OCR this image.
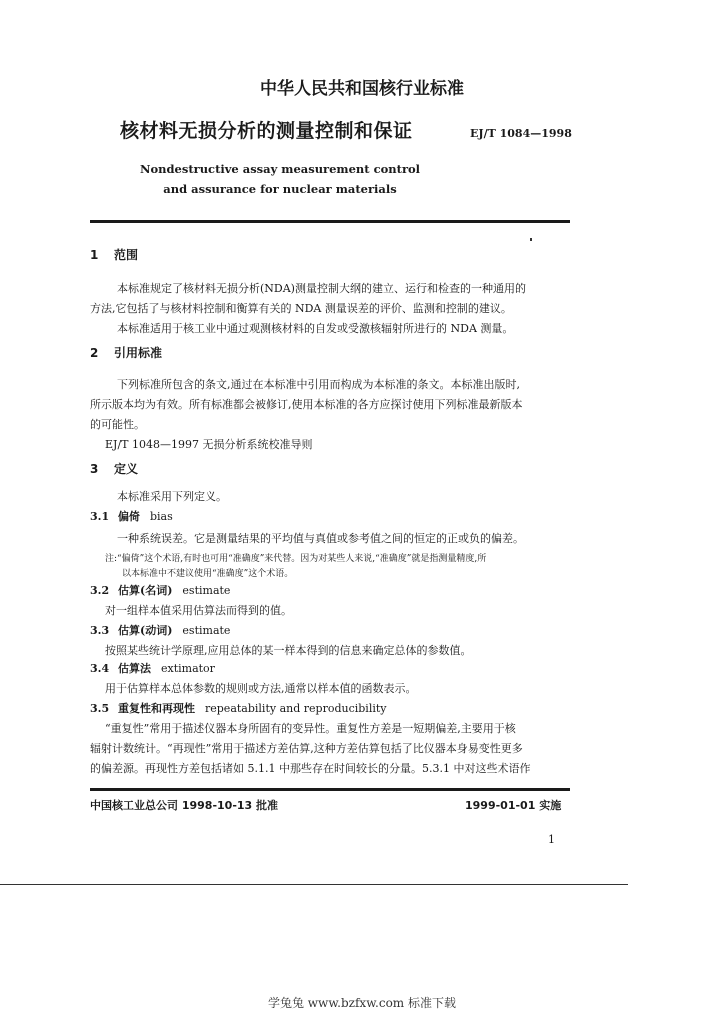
中华人民共和国核行业标准
核材料无损分析的测量控制和保证	EJ/T 1084—1998
Nondestructive assay measurement control
and assurance for nuclear materials
1 范围
本标准规定了核材料无损分析(NDA)测量控制大纲的建立、运行和检查的一种通用的
方法,它包括了与核材料控制和衡算有关的 NDA 测量误差的评价、监测和控制的建议。
本标准适用于核工业中通过观测核材料的自发或受激核辐射所进行的 NDA 测量。
2 引用标准
下列标准所包含的条文,通过在本标准中引用而构成为本标准的条文。本标准出版时,
所示版本均为有效。所有标准都会被修订,使用本标准的各方应探讨使用下列标准最新版本
的可能性。
EJ/T 1048—1997 无损分析系统校准导则
3 定义
本标准采用下列定义。
3.1 偏倚 bias
一种系统误差。它是测量结果的平均值与真值或参考值之间的恒定的正或负的偏差。
注:“偏倚”这个术语,有时也可用“准确度”来代替。因为对某些人来说,“准确度”就是指测量精度,所
以本标准中不建议使用“准确度”这个术语。
3.2 估算(名词) estimate
对一组样本值采用估算法而得到的值。
3.3 估算(动词) estimate
按照某些统计学原理,应用总体的某一样本得到的信息来确定总体的参数值。
3.4 估算法 extimator
用于估算样本总体参数的规则或方法,通常以样本值的函数表示。
3.5 重复性和再现性 repeatability and reproducibility
“重复性”常用于描述仪器本身所固有的变异性。重复性方差是一短期偏差,主要用于核
辐射计数统计。“再现性”常用于描述方差估算,这种方差估算包括了比仪器本身易变性更多
的偏差源。再现性方差包括诸如 5.1.1 中那些存在时间较长的分量。5.3.1 中对这些术语作
中国核工业总公司 1998-10-13 批准	1999-01-01 实施
1
学兔兔 www.bzfxw.com 标准下载
